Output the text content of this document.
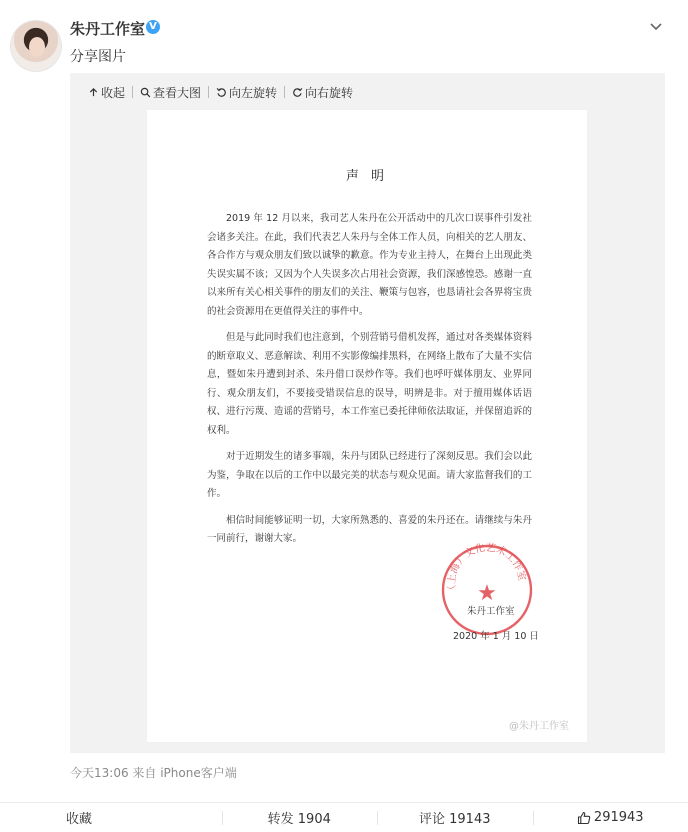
朱丹工作室 V
分享图片
收起 查看大图 向左旋转 向右旋转
声 明

2019 年 12 月以来，我司艺人朱丹在公开活动中的几次口误事件引发社会诸多关注。在此，我们代表艺人朱丹与全体工作人员，向相关的艺人朋友、各合作方与观众朋友们致以诚挚的歉意。作为专业主持人，在舞台上出现此类失误实属不该；又因为个人失误多次占用社会资源，我们深感惶恐。感谢一直以来所有关心相关事件的朋友们的关注、鞭策与包容，也恳请社会各界将宝贵的社会资源用在更值得关注的事件中。

但是与此同时我们也注意到，个别营销号借机发挥，通过对各类媒体资料的断章取义、恶意解读、利用不实影像编排黑料，在网络上散布了大量不实信息，暨如朱丹遭到封杀、朱丹借口误炒作等。我们也呼吁媒体朋友、业界同行、观众朋友们，不要接受错误信息的误导，明辨是非。对于擅用媒体话语权、进行污蔑、造谣的营销号，本工作室已委托律师依法取证，并保留追诉的权利。

对于近期发生的诸多事端，朱丹与团队已经进行了深刻反思。我们会以此为鉴，争取在以后的工作中以最完美的状态与观众见面。请大家监督我们的工作。

相信时间能够证明一切，大家所熟悉的、喜爱的朱丹还在。请继续与朱丹一同前行，谢谢大家。

（上海）文化艺术工作室
★
朱丹工作室
2020 年 1 月 10 日
@朱丹工作室
今天13:06 来自 iPhone客户端
收藏	转发 1904	评论 19143	291943
